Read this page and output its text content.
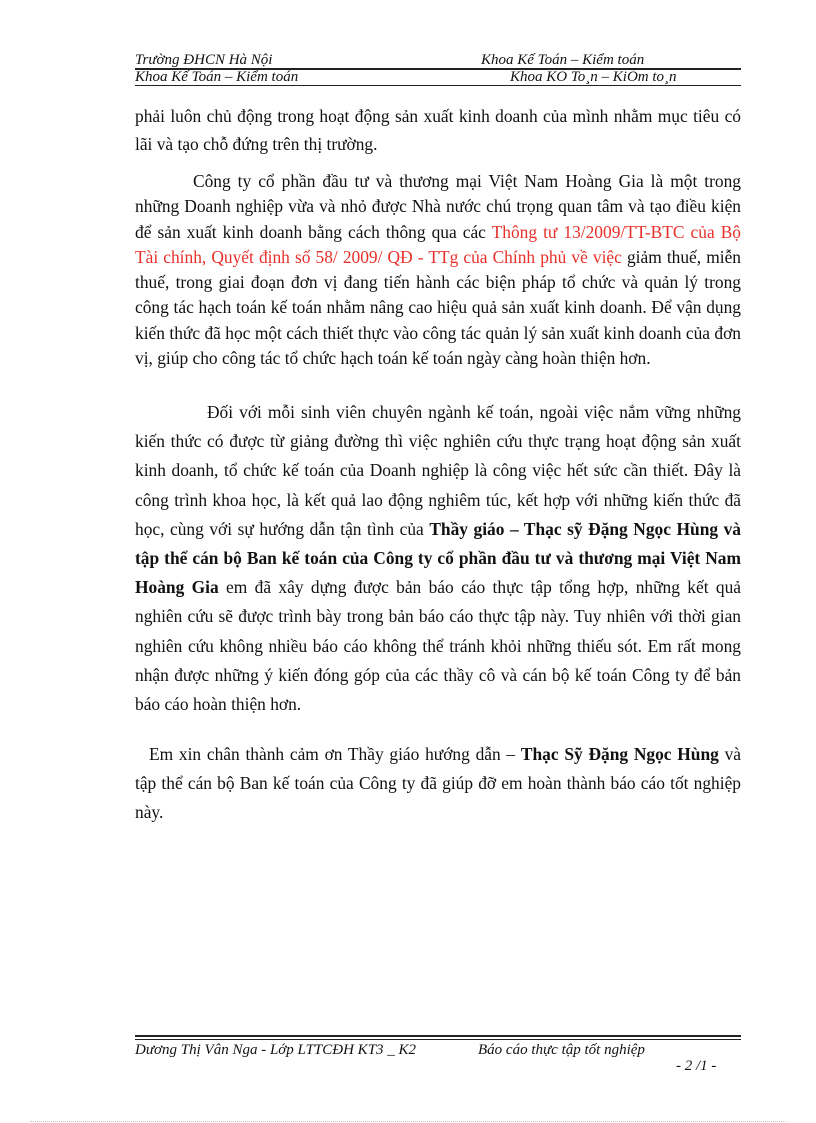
Trường ĐHCN Hà Nội	Khoa Kế Toán – Kiểm toán
Khoa Kế Toán – Kiểm toán	Khoa KÕ To¸n – KiÓm to¸n

phải luôn chủ động trong hoạt động sản xuất kinh doanh của mình nhằm mục tiêu có lãi và tạo chỗ đứng trên thị trường.

Công ty cổ phần đầu tư và thương mại Việt Nam Hoàng Gia là một trong những Doanh nghiệp vừa và nhỏ được Nhà nước chú trọng quan tâm và tạo điều kiện để sản xuất kinh doanh bằng cách thông qua các Thông tư 13/2009/TT-BTC của Bộ Tài chính, Quyết định số 58/ 2009/ QĐ - TTg của Chính phủ về việc giảm thuế, miễn thuế, trong giai đoạn đơn vị đang tiến hành các biện pháp tổ chức và quản lý trong công tác hạch toán kế toán nhằm nâng cao hiệu quả sản xuất kinh doanh. Để vận dụng kiến thức đã học một cách thiết thực vào công tác quản lý sản xuất kinh doanh của đơn vị, giúp cho công tác tổ chức hạch toán kế toán ngày càng hoàn thiện hơn.

Đối với mỗi sinh viên chuyên ngành kế toán, ngoài việc nắm vững những kiến thức có được từ giảng đường thì việc nghiên cứu thực trạng hoạt động sản xuất kinh doanh, tổ chức kế toán của Doanh nghiệp là công việc hết sức cần thiết. Đây là công trình khoa học, là kết quả lao động nghiêm túc, kết hợp với những kiến thức đã học, cùng với sự hướng dẫn tận tình của Thầy giáo – Thạc sỹ Đặng Ngọc Hùng và tập thể cán bộ Ban kế toán của Công ty cổ phần đầu tư và thương mại Việt Nam Hoàng Gia em đã xây dựng được bản báo cáo thực tập tổng hợp, những kết quả nghiên cứu sẽ được trình bày trong bản báo cáo thực tập này. Tuy nhiên với thời gian nghiên cứu không nhiều báo cáo không thể tránh khỏi những thiếu sót. Em rất mong nhận được những ý kiến đóng góp của các thầy cô và cán bộ kế toán Công ty để bản báo cáo hoàn thiện hơn.

Em xin chân thành cảm ơn Thầy giáo hướng dẫn – Thạc Sỹ Đặng Ngọc Hùng và tập thể cán bộ Ban kế toán của Công ty đã giúp đỡ em hoàn thành báo cáo tốt nghiệp này.

Dương Thị Vân Nga - Lớp LTTCĐH KT3 _ K2	Báo cáo thực tập tốt nghiệp
- 2 /1 -
